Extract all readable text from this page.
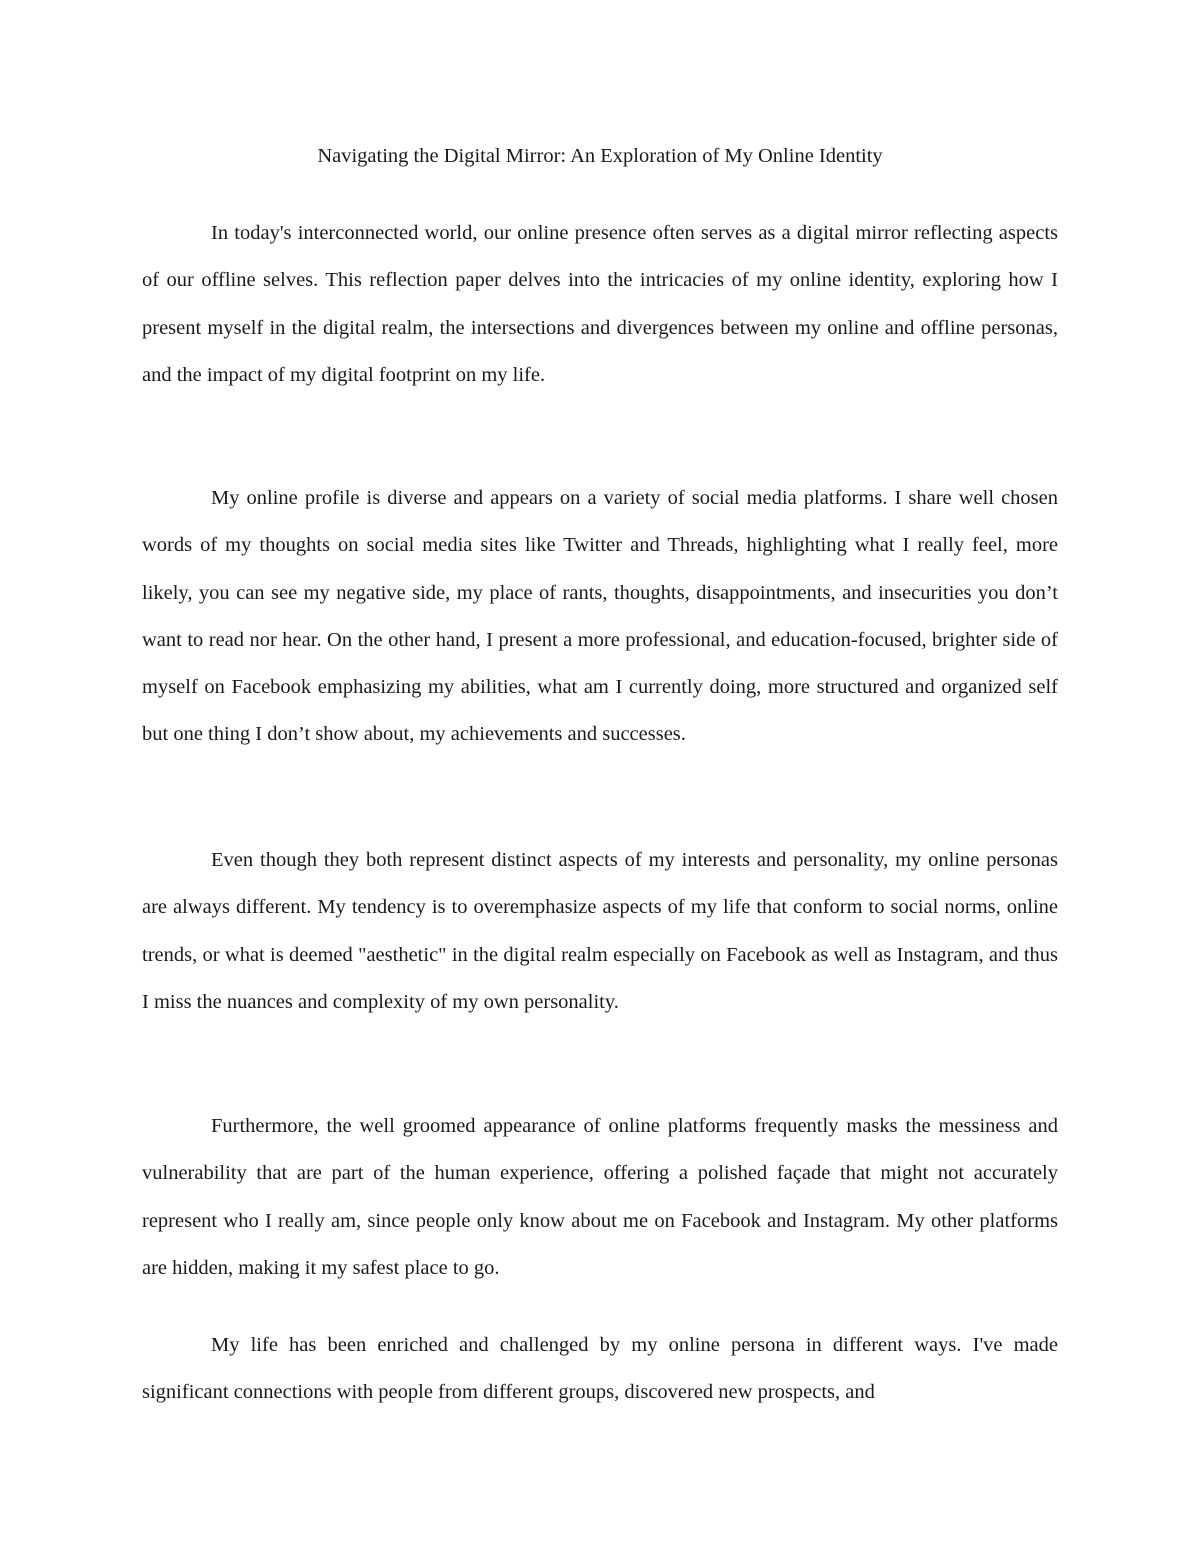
Navigating the Digital Mirror: An Exploration of My Online Identity

In today's interconnected world, our online presence often serves as a digital mirror reflecting aspects of our offline selves. This reflection paper delves into the intricacies of my online identity, exploring how I present myself in the digital realm, the intersections and divergences between my online and offline personas, and the impact of my digital footprint on my life.

My online profile is diverse and appears on a variety of social media platforms. I share well chosen words of my thoughts on social media sites like Twitter and Threads, highlighting what I really feel, more likely, you can see my negative side, my place of rants, thoughts, disappointments, and insecurities you don’t want to read nor hear. On the other hand, I present a more professional, and education-focused, brighter side of myself on Facebook emphasizing my abilities, what am I currently doing, more structured and organized self but one thing I don’t show about, my achievements and successes.

Even though they both represent distinct aspects of my interests and personality, my online personas are always different. My tendency is to overemphasize aspects of my life that conform to social norms, online trends, or what is deemed "aesthetic" in the digital realm especially on Facebook as well as Instagram, and thus I miss the nuances and complexity of my own personality.

Furthermore, the well groomed appearance of online platforms frequently masks the messiness and vulnerability that are part of the human experience, offering a polished façade that might not accurately represent who I really am, since people only know about me on Facebook and Instagram. My other platforms are hidden, making it my safest place to go.

My life has been enriched and challenged by my online persona in different ways. I've made significant connections with people from different groups, discovered new prospects, and
